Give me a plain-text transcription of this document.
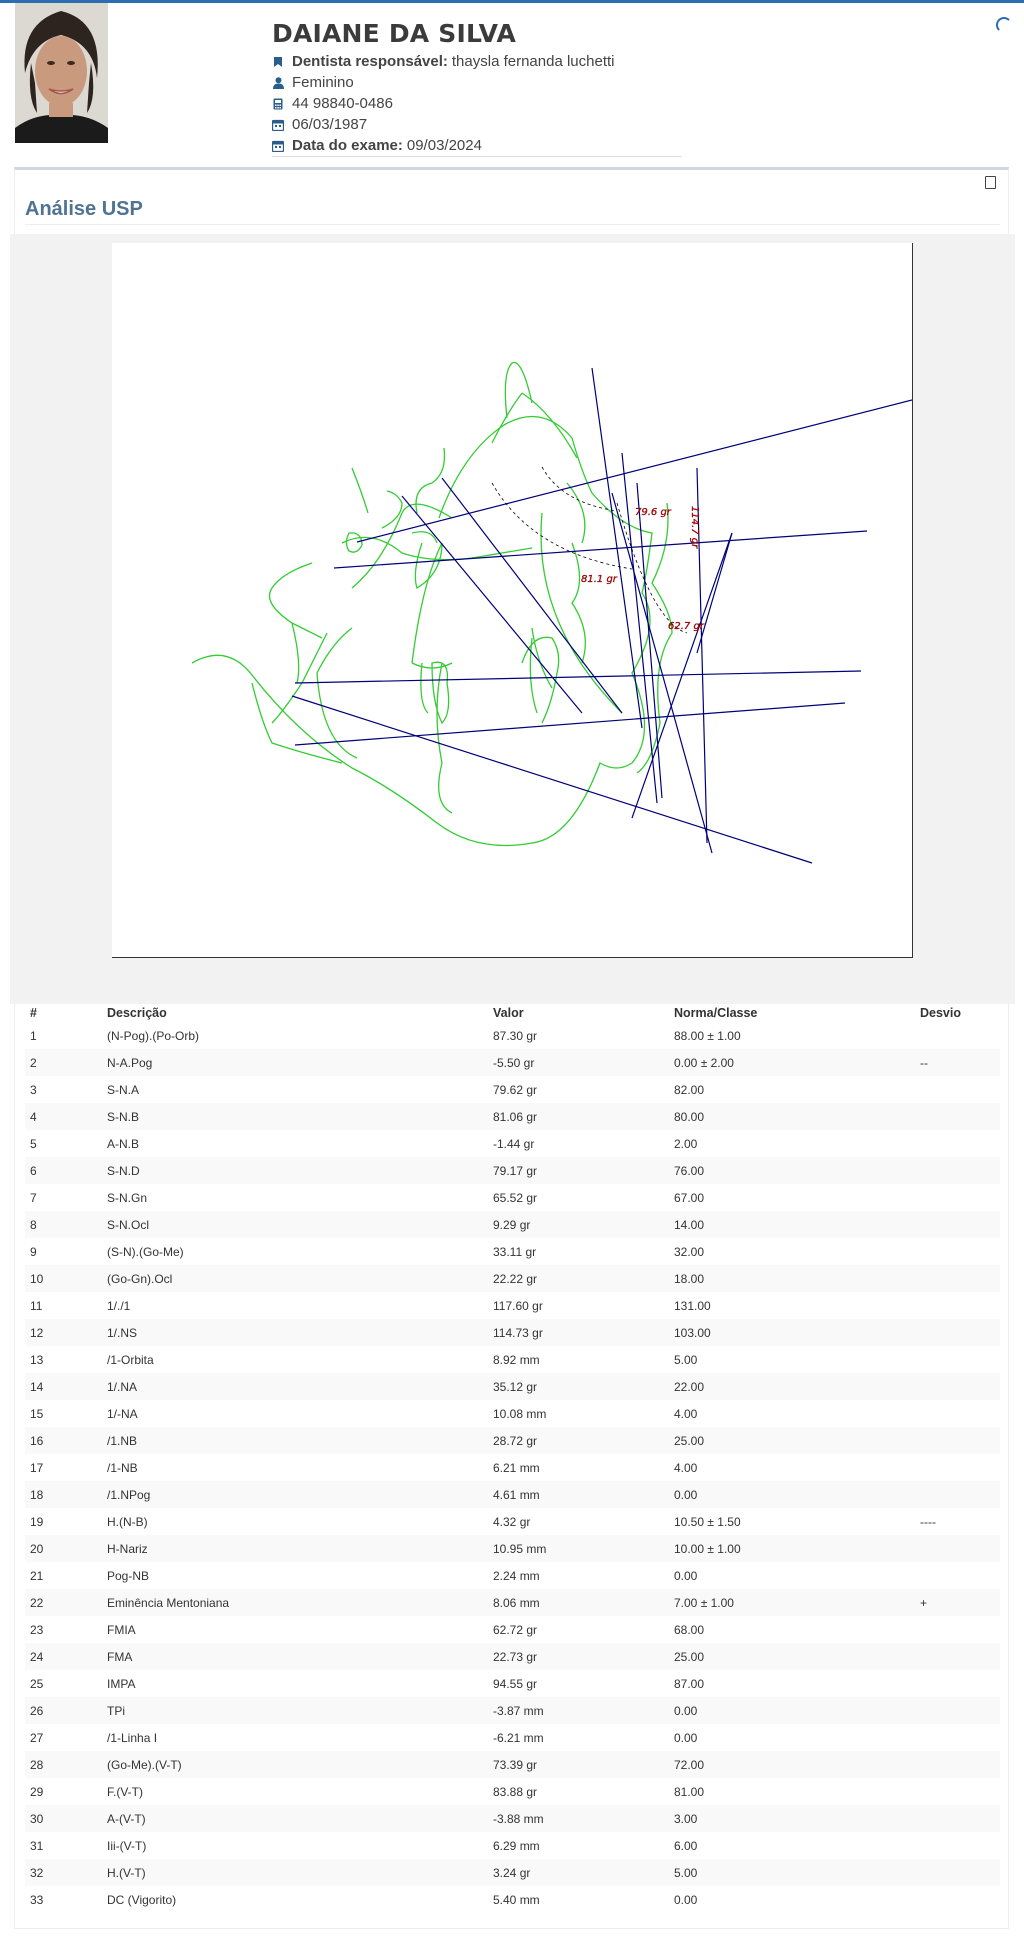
DAIANE DA SILVA
Dentista responsável: thaysla fernanda luchetti
Feminino
44 98840-0486
06/03/1987
Data do exame: 09/03/2024
Análise USP
79.6 gr
81.1 gr
62.7 gr
114.7 gr
#	Descrição	Valor	Norma/Classe	Desvio
1	(N-Pog).(Po-Orb)	87.30 gr	88.00 ± 1.00	
2	N-A.Pog	-5.50 gr	0.00 ± 2.00	--
3	S-N.A	79.62 gr	82.00	
4	S-N.B	81.06 gr	80.00	
5	A-N.B	-1.44 gr	2.00	
6	S-N.D	79.17 gr	76.00	
7	S-N.Gn	65.52 gr	67.00	
8	S-N.Ocl	9.29 gr	14.00	
9	(S-N).(Go-Me)	33.11 gr	32.00	
10	(Go-Gn).Ocl	22.22 gr	18.00	
11	1/./1	117.60 gr	131.00	
12	1/.NS	114.73 gr	103.00	
13	/1-Orbita	8.92 mm	5.00	
14	1/.NA	35.12 gr	22.00	
15	1/-NA	10.08 mm	4.00	
16	/1.NB	28.72 gr	25.00	
17	/1-NB	6.21 mm	4.00	
18	/1.NPog	4.61 mm	0.00	
19	H.(N-B)	4.32 gr	10.50 ± 1.50	----
20	H-Nariz	10.95 mm	10.00 ± 1.00	
21	Pog-NB	2.24 mm	0.00	
22	Eminência Mentoniana	8.06 mm	7.00 ± 1.00	+
23	FMIA	62.72 gr	68.00	
24	FMA	22.73 gr	25.00	
25	IMPA	94.55 gr	87.00	
26	TPi	-3.87 mm	0.00	
27	/1-Linha I	-6.21 mm	0.00	
28	(Go-Me).(V-T)	73.39 gr	72.00	
29	F.(V-T)	83.88 gr	81.00	
30	A-(V-T)	-3.88 mm	3.00	
31	Iii-(V-T)	6.29 mm	6.00	
32	H.(V-T)	3.24 gr	5.00	
33	DC (Vigorito)	5.40 mm	0.00	
